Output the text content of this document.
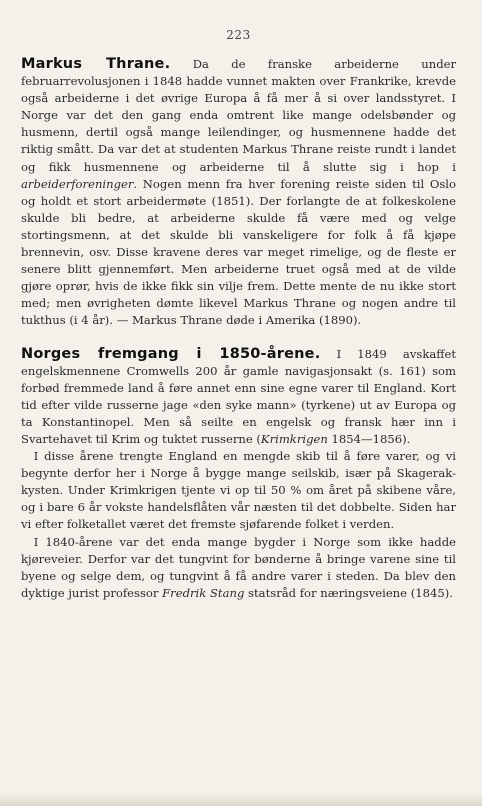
223

Markus Thrane. Da de franske arbeiderne under februarrevolusjonen i 1848 hadde vunnet makten over Frankrike, krevde også arbeiderne i det øvrige Europa å få mer å si over landsstyret. I Norge var det den gang enda omtrent like mange odelsbønder og husmenn, dertil også mange leilendinger, og husmennene hadde det riktig smått. Da var det at studenten Markus Thrane reiste rundt i landet og fikk husmennene og arbeiderne til å slutte sig i hop i arbeiderforeninger. Nogen menn fra hver forening reiste siden til Oslo og holdt et stort arbeidermøte (1851). Der forlangte de at folkeskolene skulde bli bedre, at arbeiderne skulde få være med og velge stortingsmenn, at det skulde bli vanskeligere for folk å få kjøpe brennevin, osv. Disse kravene deres var meget rimelige, og de fleste er senere blitt gjennemført. Men arbeiderne truet også med at de vilde gjøre oprør, hvis de ikke fikk sin vilje frem. Dette mente de nu ikke stort med; men øvrigheten dømte likevel Markus Thrane og nogen andre til tukthus (i 4 år). — Markus Thrane døde i Amerika (1890).

Norges fremgang i 1850-årene. I 1849 avskaffet engelskmennene Cromwells 200 år gamle navigasjonsakt (s. 161) som forbød fremmede land å føre annet enn sine egne varer til England. Kort tid efter vilde russerne jage «den syke mann» (tyrkene) ut av Europa og ta Konstantinopel. Men så seilte en engelsk og fransk hær inn i Svartehavet til Krim og tuktet russerne (Krimkrigen 1854—1856).

I disse årene trengte England en mengde skib til å føre varer, og vi begynte derfor her i Norge å bygge mange seilskib, især på Skagerak-kysten. Under Krimkrigen tjente vi op til 50 % om året på skibene våre, og i bare 6 år vokste handelsflåten vår næsten til det dobbelte. Siden har vi efter folketallet været det fremste sjøfarende folket i verden.

I 1840-årene var det enda mange bygder i Norge som ikke hadde kjøreveier. Derfor var det tungvint for bønderne å bringe varene sine til byene og selge dem, og tungvint å få andre varer i steden. Da blev den dyktige jurist professor Fredrik Stang statsråd for næringsveiene (1845).
